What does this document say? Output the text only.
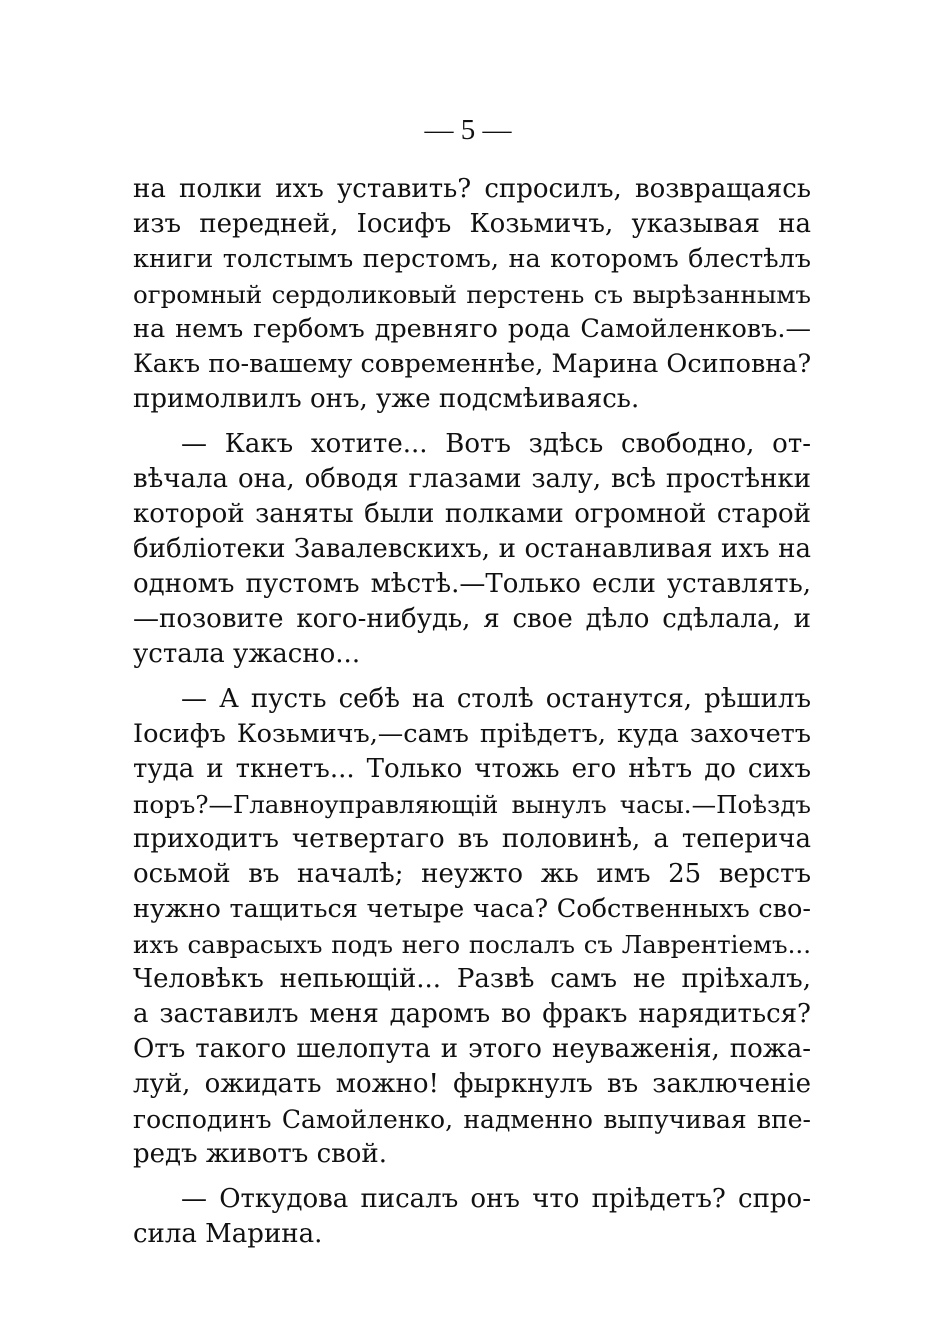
— 5 —
на полки ихъ уставить? спросилъ, возвращаясь
изъ передней, Іосифъ Козьмичъ, указывая на
книги толстымъ перстомъ, на которомъ блестѣлъ
огромный сердоликовый перстень съ вырѣзаннымъ
на немъ гербомъ древняго рода Самойленковъ.—
Какъ по-вашему современнѣе, Марина Осиповна?
примолвилъ онъ, уже подсмѣиваясь.
— Какъ хотите... Вотъ здѣсь свободно, от-
вѣчала она, обводя глазами залу, всѣ простѣнки
которой заняты были полками огромной старой
библіотеки Завалевскихъ, и останавливая ихъ на
одномъ пустомъ мѣстѣ.—Только если уставлять,
—позовите кого-нибудь, я свое дѣло сдѣлала, и
устала ужасно...
— А пусть себѣ на столѣ останутся, рѣшилъ
Іосифъ Козьмичъ,—самъ пріѣдетъ, куда захочетъ
туда и ткнетъ... Только чтожь его нѣтъ до сихъ
поръ?—Главноуправляющій вынулъ часы.—Поѣздъ
приходитъ четвертаго въ половинѣ, а теперича
осьмой въ началѣ; неужто жь имъ 25 верстъ
нужно тащиться четыре часа? Собственныхъ сво-
ихъ саврасыхъ подъ него послалъ съ Лаврентіемъ...
Человѣкъ непьющій... Развѣ самъ не пріѣхалъ,
а заставилъ меня даромъ во фракъ нарядиться?
Отъ такого шелопута и этого неуваженія, пожа-
луй, ожидать можно! фыркнулъ въ заключеніе
господинъ Самойленко, надменно выпучивая впе-
редъ животъ свой.
— Откудова писалъ онъ что пріѣдетъ? спро-
сила Марина.
